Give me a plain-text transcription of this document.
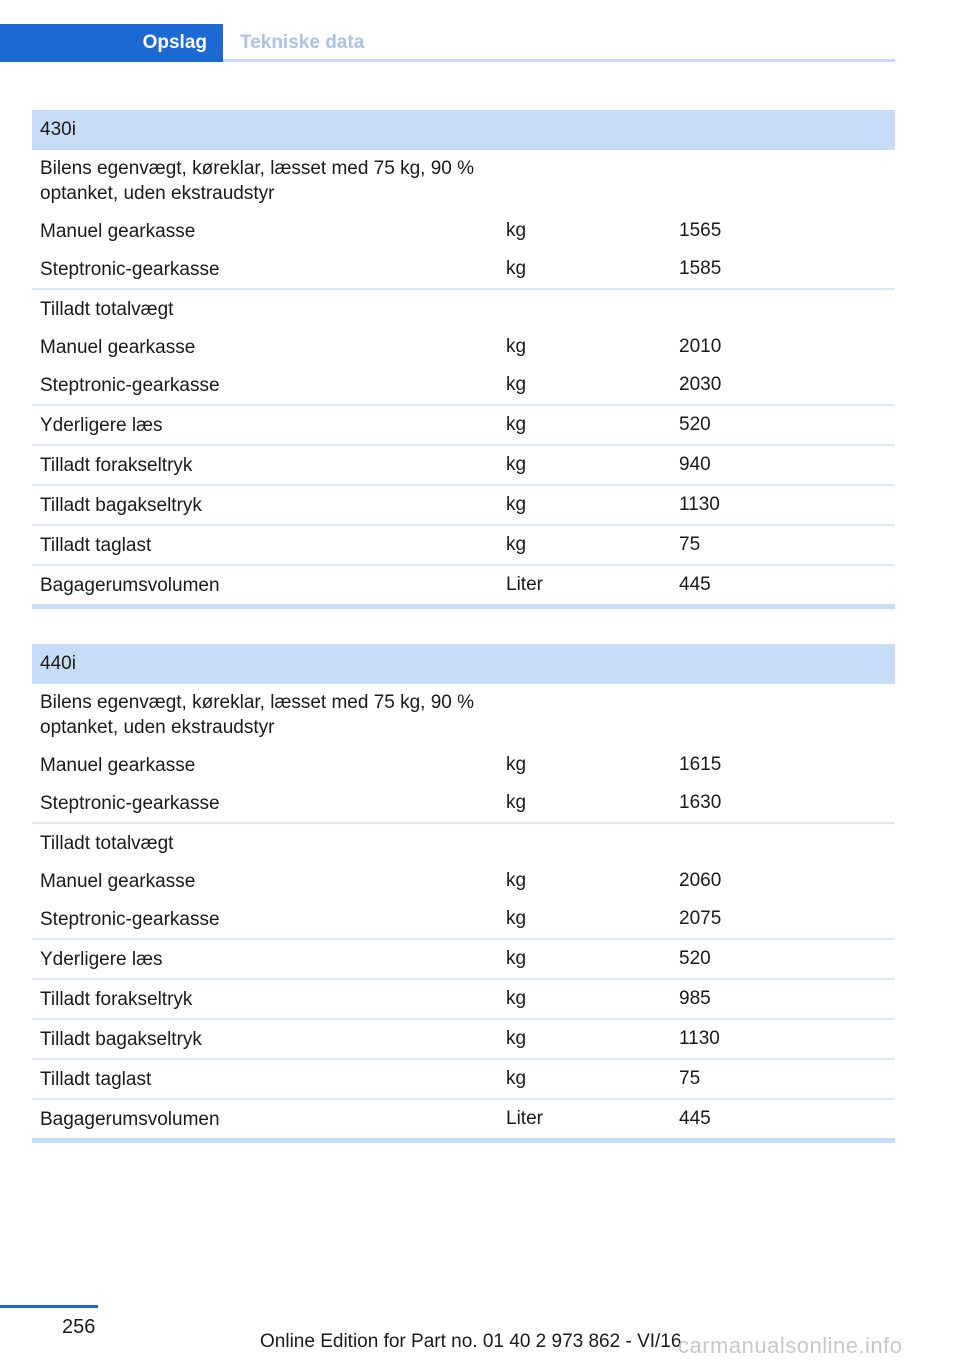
Opslag	Tekniske data
430i
Bilens egenvægt, køreklar, læsset med 75 kg, 90 % optanket, uden ekstraudstyr
Manuel gearkasse	kg	1565
Steptronic-gearkasse	kg	1585
Tilladt totalvægt
Manuel gearkasse	kg	2010
Steptronic-gearkasse	kg	2030
Yderligere læs	kg	520
Tilladt forakseltryk	kg	940
Tilladt bagakseltryk	kg	1130
Tilladt taglast	kg	75
Bagagerumsvolumen	Liter	445
440i
Bilens egenvægt, køreklar, læsset med 75 kg, 90 % optanket, uden ekstraudstyr
Manuel gearkasse	kg	1615
Steptronic-gearkasse	kg	1630
Tilladt totalvægt
Manuel gearkasse	kg	2060
Steptronic-gearkasse	kg	2075
Yderligere læs	kg	520
Tilladt forakseltryk	kg	985
Tilladt bagakseltryk	kg	1130
Tilladt taglast	kg	75
Bagagerumsvolumen	Liter	445
256
Online Edition for Part no. 01 40 2 973 862 - VI/16
carmanualsonline.info
